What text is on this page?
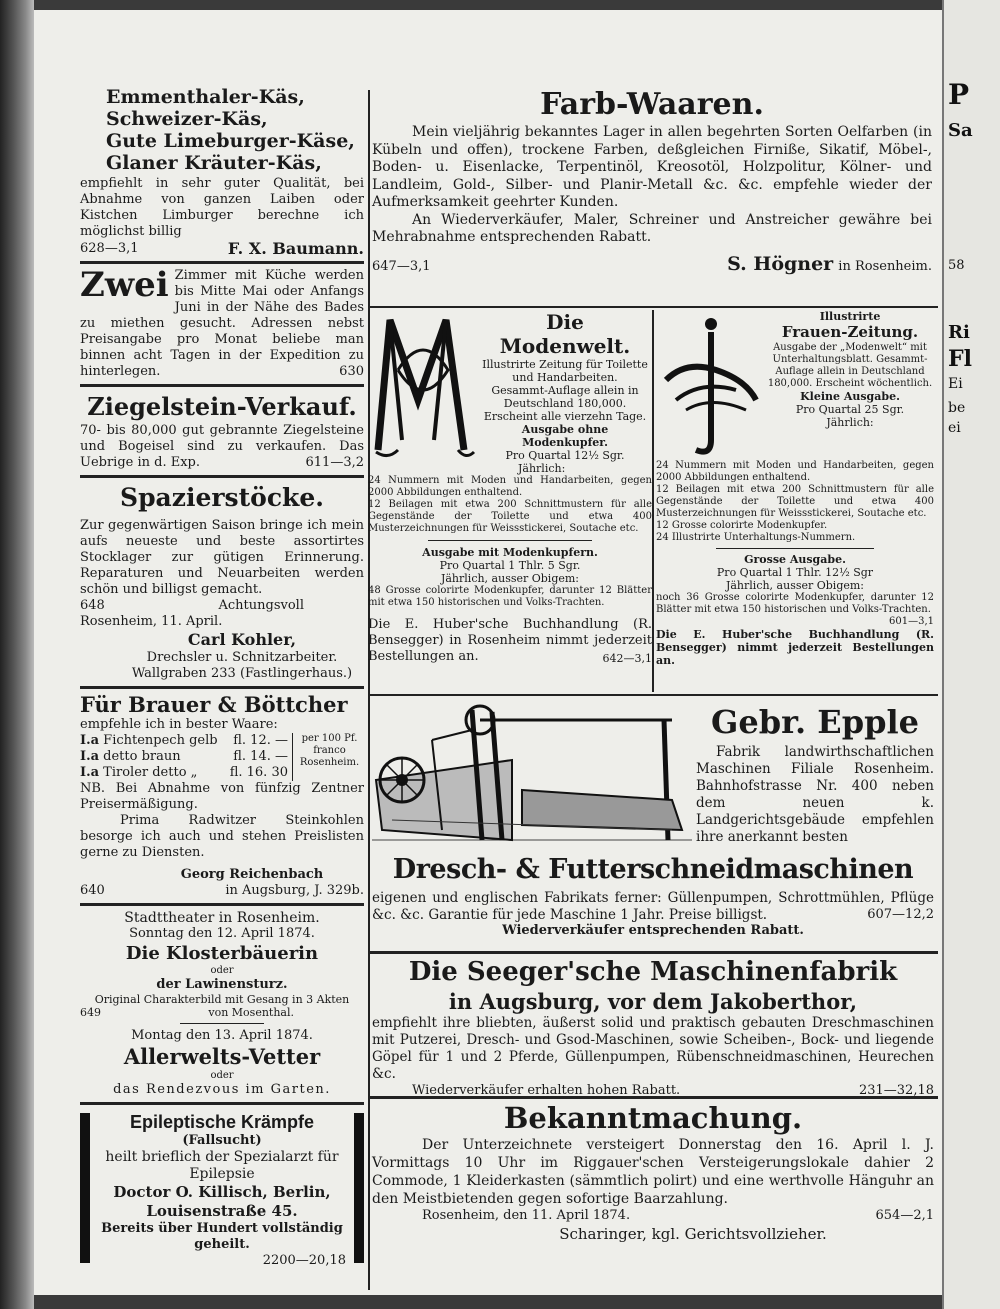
Emmenthaler-Käs,
Schweizer-Käs,
Gute Limeburger-Käse,
Glaner Kräuter-Käs,
empfiehlt in sehr guter Qualität, bei Abnahme von ganzen Laiben oder Kistchen Limburger berechne ich möglichst billig
628—3,1	F. X. Baumann.
Zwei Zimmer mit Küche werden bis Mitte Mai oder Anfangs Juni in der Nähe des Bades zu miethen gesucht. Adressen nebst Preisangabe pro Monat beliebe man binnen acht Tagen in der Expedition zu hinterlegen.	630
Ziegelstein-Verkauf.
70- bis 80,000 gut gebrannte Ziegelsteine und Bogeisel sind zu verkaufen. Das Uebrige in d. Exp.	611—3,2
Spazierstöcke.
Zur gegenwärtigen Saison bringe ich mein aufs neueste und beste assortirtes Stocklager zur gütigen Erinnerung. Reparaturen und Neuarbeiten werden schön und billigst gemacht.
648	Achtungsvoll
Rosenheim, 11. April.
Carl Kohler,
Drechsler u. Schnitzarbeiter.
Wallgraben 233 (Fastlingerhaus.)
Für Brauer & Böttcher
empfehle ich in bester Waare:
I.a Fichtenpech gelb fl. 12. —
I.a detto braun	fl. 14. —
I.a Tiroler detto „ fl. 16. 30
per 100 Pf. franco Rosenheim.
NB. Bei Abnahme von fünfzig Zentner Preisermäßigung.
Prima Radwitzer Steinkohlen besorge ich auch und stehen Preislisten gerne zu Diensten.
Georg Reichenbach
640	in Augsburg, J. 329b.
Stadttheater in Rosenheim.
Sonntag den 12. April 1874.
Die Klosterbäuerin
oder
der Lawinensturz.
Original Charakterbild mit Gesang in 3 Akten
649	von Mosenthal.
Montag den 13. April 1874.
Allerwelts-Vetter
oder
das Rendezvous im Garten.
Epileptische Krämpfe
(Fallsucht)
heilt brieflich der Spezialarzt für Epilepsie
Doctor O. Killisch, Berlin,
Louisenstraße 45.
Bereits über Hundert vollständig geheilt.
2200—20,18
Farb-Waaren.
Mein vieljährig bekanntes Lager in allen begehrten Sorten Oelfarben (in Kübeln und offen), trockene Farben, deßgleichen Firniße, Sikatif, Möbel-, Boden- u. Eisenlacke, Terpentinöl, Kreosotöl, Holzpolitur, Kölner- und Landleim, Gold-, Silber- und Planir-Metall &c. &c. empfehle wieder der Aufmerksamkeit geehrter Kunden.
An Wiederverkäufer, Maler, Schreiner und Anstreicher gewähre bei Mehrabnahme entsprechenden Rabatt.
647—3,1	S. Högner in Rosenheim.
Die Modenwelt.
Illustrirte Zeitung für Toilette und Handarbeiten.
Gesammt-Auflage allein in Deutschland 180,000.
Erscheint alle vierzehn Tage.
Ausgabe ohne Modenkupfer.
Pro Quartal 12½ Sgr.
Jährlich:
24 Nummern mit Moden und Handarbeiten, gegen 2000 Abbildungen enthaltend.
12 Beilagen mit etwa 200 Schnittmustern für alle Gegenstände der Toilette und etwa 400 Musterzeichnungen für Weissstickerei, Soutache etc.
Ausgabe mit Modenkupfern.
Pro Quartal 1 Thlr. 5 Sgr.
Jährlich, ausser Obigem:
48 Grosse colorirte Modenkupfer, darunter 12 Blätter mit etwa 150 historischen und Volks-Trachten.
Die E. Huber'sche Buchhandlung (R. Bensegger) in Rosenheim nimmt jederzeit Bestellungen an.	642—3,1
Illustrirte
Frauen-Zeitung.
Ausgabe der „Modenwelt“ mit Unterhaltungsblatt. Gesammt-Auflage allein in Deutschland 180,000. Erscheint wöchentlich.
Kleine Ausgabe.
Pro Quartal 25 Sgr.
Jährlich:
24 Nummern mit Moden und Handarbeiten, gegen 2000 Abbildungen enthaltend.
12 Beilagen mit etwa 200 Schnittmustern für alle Gegenstände der Toilette und etwa 400 Musterzeichnungen für Weissstickerei, Soutache etc.
12 Grosse colorirte Modenkupfer.
24 Illustrirte Unterhaltungs-Nummern.
Grosse Ausgabe.
Pro Quartal 1 Thlr. 12½ Sgr
Jährlich, ausser Obigem:
noch 36 Grosse colorirte Modenkupfer, darunter 12 Blätter mit etwa 150 historischen und Volks-Trachten.
601—3,1
Die E. Huber'sche Buchhandlung (R. Bensegger) nimmt jederzeit Bestellungen an.
Gebr. Epple
Fabrik landwirthschaftlichen Maschinen Filiale Rosenheim. Bahnhofstrasse Nr. 400 neben dem neuen k. Landgerichtsgebäude empfehlen ihre anerkannt besten
Dresch- & Futterschneidmaschinen
eigenen und englischen Fabrikats ferner: Güllenpumpen, Schrottmühlen, Pflüge &c. &c. Garantie für jede Maschine 1 Jahr. Preise billigst.	607—12,2
Wiederverkäufer entsprechenden Rabatt.
Die Seeger'sche Maschinenfabrik
in Augsburg, vor dem Jakoberthor,
empfiehlt ihre bliebten, äußerst solid und praktisch gebauten Dreschmaschinen mit Putzerei, Dresch- und Gsod-Maschinen, sowie Scheiben-, Bock- und liegende Göpel für 1 und 2 Pferde, Güllenpumpen, Rübenschneidmaschinen, Heurechen &c.
Wiederverkäufer erhalten hohen Rabatt.	231—32,18
Bekanntmachung.
Der Unterzeichnete versteigert Donnerstag den 16. April l. J. Vormittags 10 Uhr im Riggauer'schen Versteigerungslokale dahier 2 Commode, 1 Kleiderkasten (sämmtlich polirt) und eine werthvolle Hänguhr an den Meistbietenden gegen sofortige Baarzahlung.
Rosenheim, den 11. April 1874.	654—2,1
Scharinger, kgl. Gerichtsvollzieher.
P
Sa
58
Ri
Fl
Ei
be
ei
